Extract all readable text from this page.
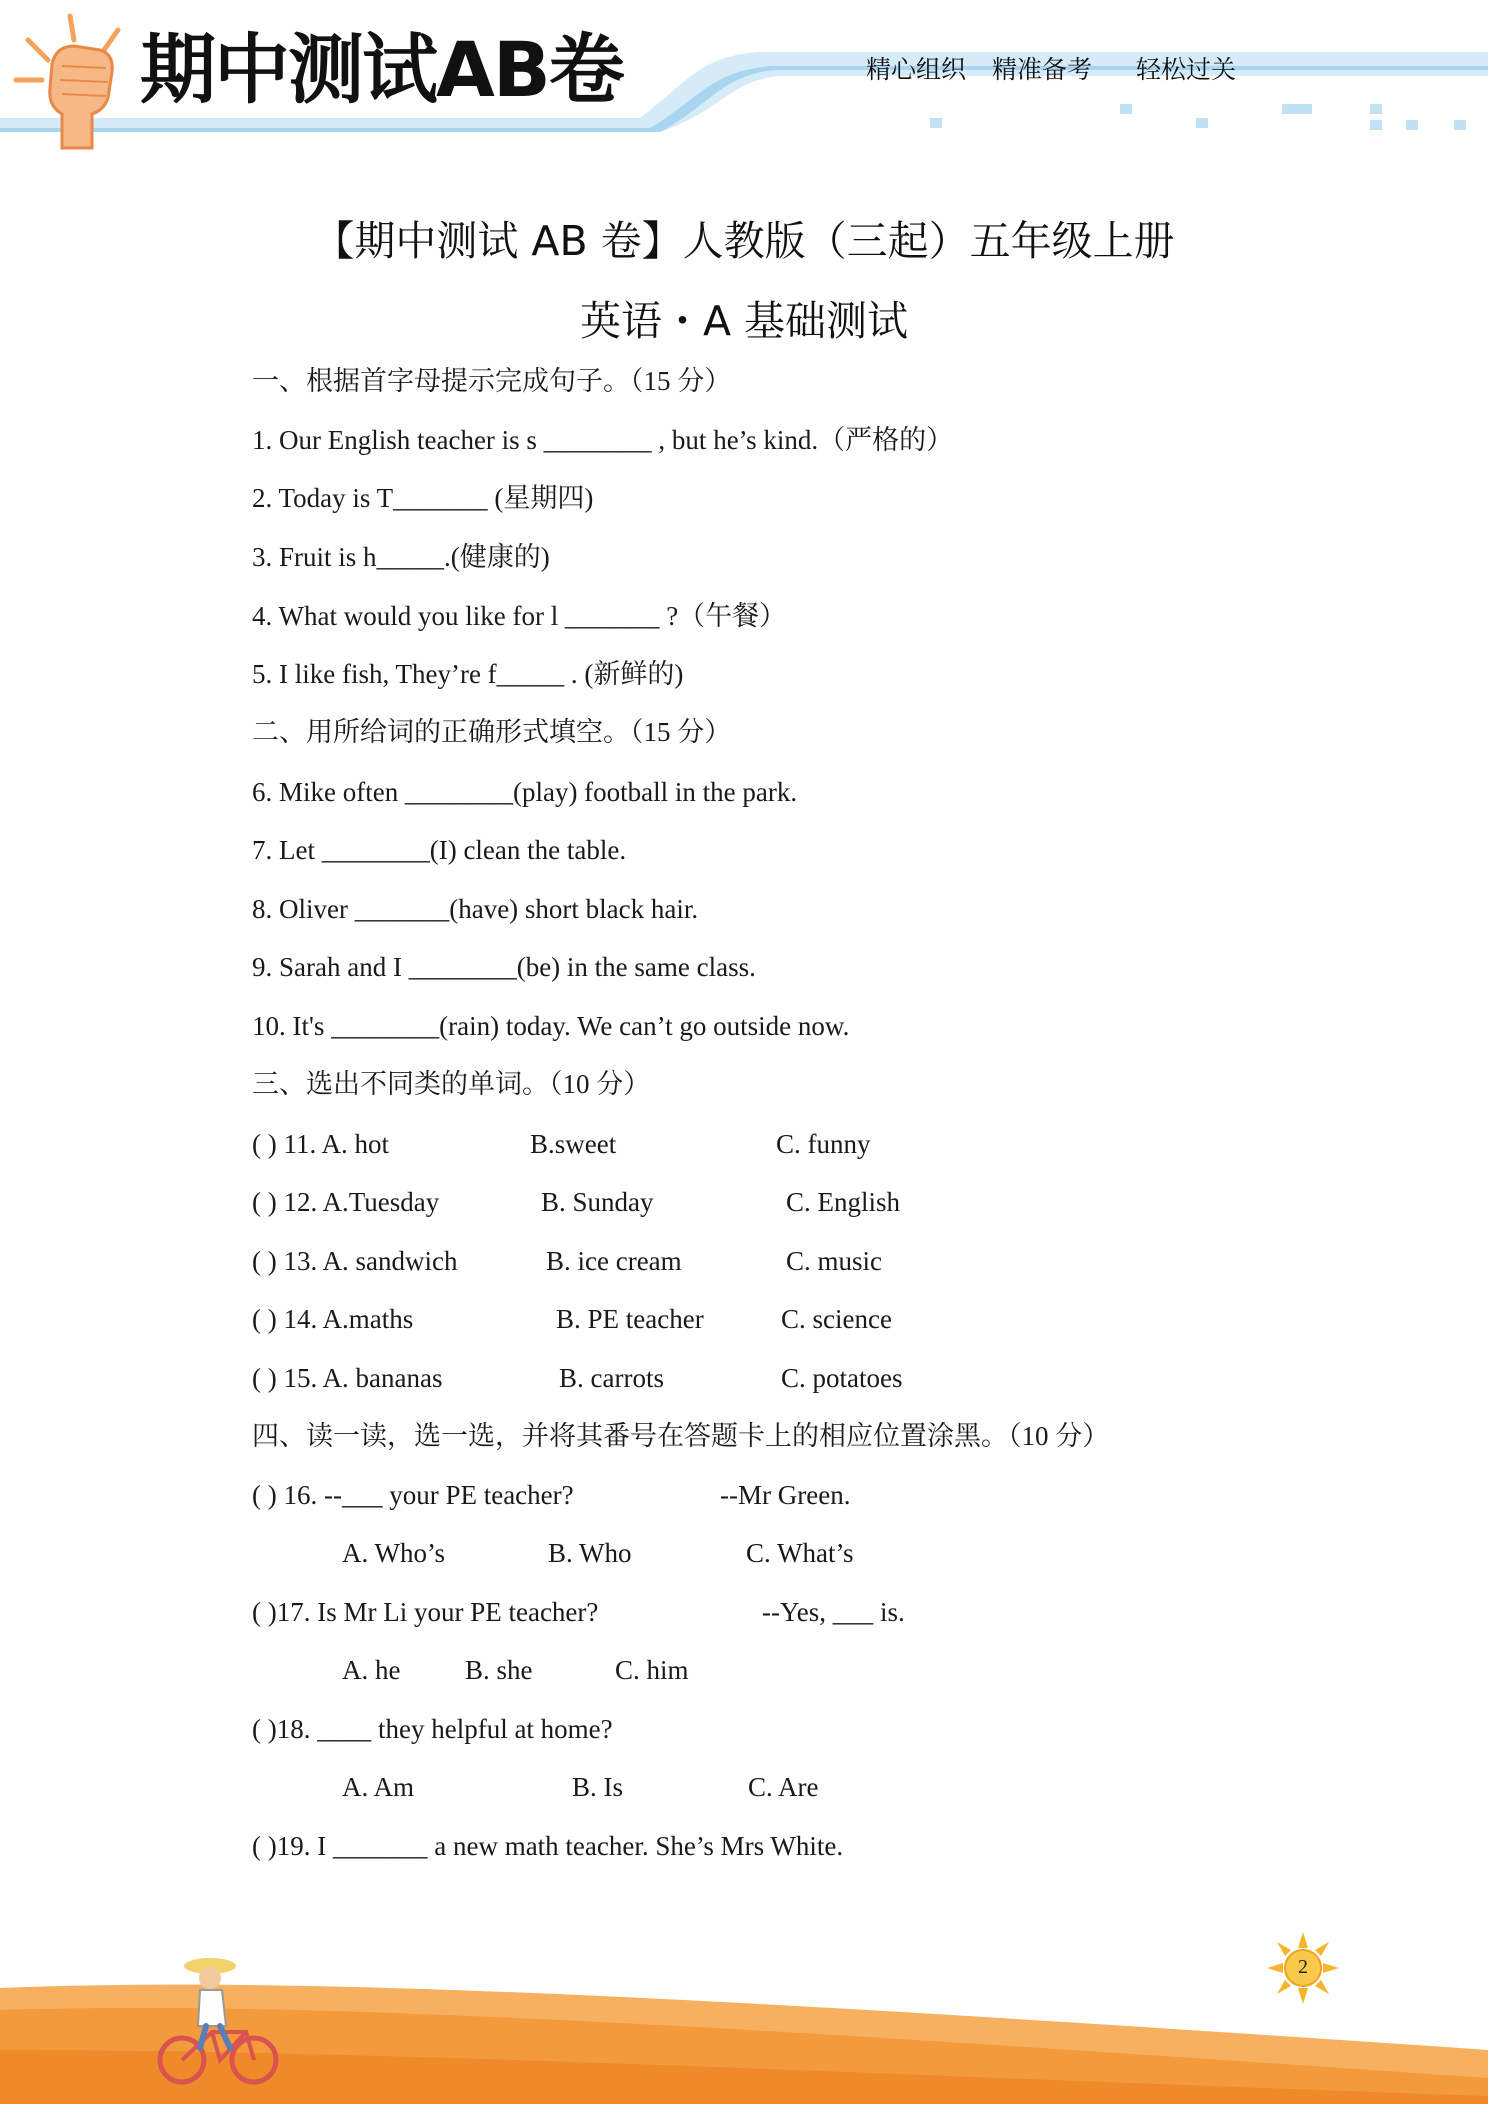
期中测试AB卷	精心组织 精准备考 轻松过关
【期中测试 AB 卷】人教版（三起）五年级上册
英语・A 基础测试
一、根据首字母提示完成句子。（15 分）
1. Our English teacher is s ________ , but he’s kind.（严格的）
2. Today is T_______ (星期四)
3. Fruit is h_____.(健康的)
4. What would you like for l _______ ?（午餐）
5. I like fish, They’re f_____ . (新鲜的)
二、用所给词的正确形式填空。（15 分）
6. Mike often ________(play) football in the park.
7. Let ________(I) clean the table.
8. Oliver _______(have) short black hair.
9. Sarah and I ________(be) in the same class.
10. It's ________(rain) today. We can’t go outside now.
三、选出不同类的单词。（10 分）
( ) 11. A. hot	B.sweet	C. funny
( ) 12. A.Tuesday	B. Sunday	C. English
( ) 13. A. sandwich	B. ice cream	C. music
( ) 14. A.maths	B. PE teacher	C. science
( ) 15. A. bananas	B. carrots	C. potatoes
四、读一读，选一选，并将其番号在答题卡上的相应位置涂黑。（10 分）
( ) 16. --___ your PE teacher?	--Mr Green.
A. Who’s	B. Who	C. What’s
( )17. Is Mr Li your PE teacher?	--Yes, ___ is.
A. he B. she	C. him
( )18. ____ they helpful at home?
A. Am	B. Is	C. Are
( )19. I _______ a new math teacher. She’s Mrs White.
2
